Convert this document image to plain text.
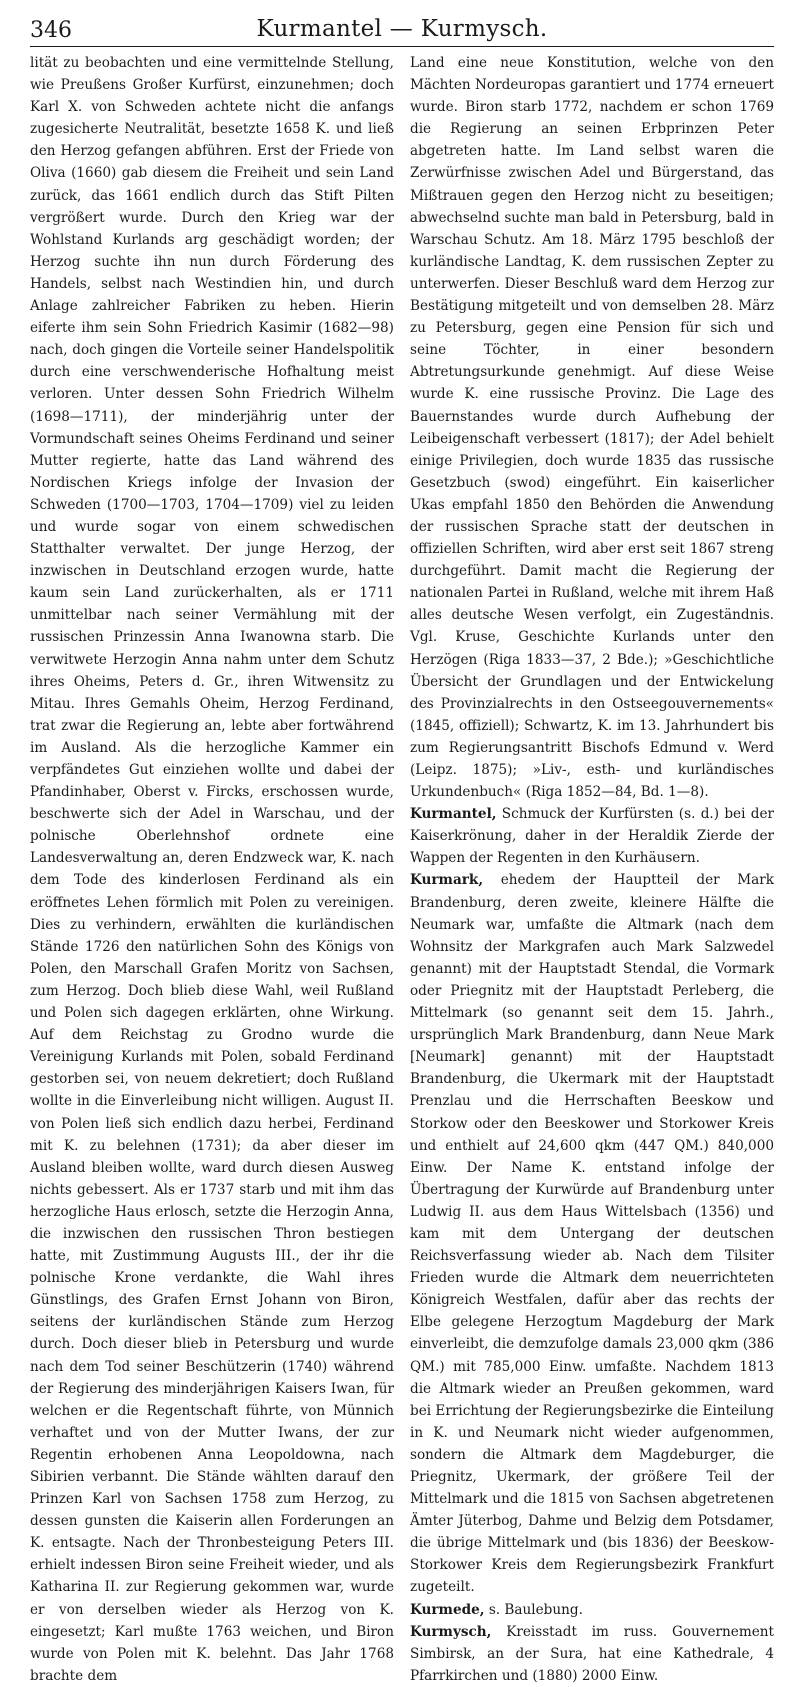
346	Kurmantel — Kurmysch.

lität zu beobachten und eine vermittelnde Stellung, wie Preußens Großer Kurfürst, einzunehmen; doch Karl X. von Schweden achtete nicht die anfangs zugesicherte Neutralität, besetzte 1658 K. und ließ den Herzog gefangen abführen. Erst der Friede von Oliva (1660) gab diesem die Freiheit und sein Land zurück, das 1661 endlich durch das Stift Pilten vergrößert wurde. Durch den Krieg war der Wohlstand Kurlands arg geschädigt worden; der Herzog suchte ihn nun durch Förderung des Handels, selbst nach Westindien hin, und durch Anlage zahlreicher Fabriken zu heben. Hierin eiferte ihm sein Sohn Friedrich Kasimir (1682—98) nach, doch gingen die Vorteile seiner Handelspolitik durch eine verschwenderische Hofhaltung meist verloren. Unter dessen Sohn Friedrich Wilhelm (1698—1711), der minderjährig unter der Vormundschaft seines Oheims Ferdinand und seiner Mutter regierte, hatte das Land während des Nordischen Kriegs infolge der Invasion der Schweden (1700—1703, 1704—1709) viel zu leiden und wurde sogar von einem schwedischen Statthalter verwaltet. Der junge Herzog, der inzwischen in Deutschland erzogen wurde, hatte kaum sein Land zurückerhalten, als er 1711 unmittelbar nach seiner Vermählung mit der russischen Prinzessin Anna Iwanowna starb. Die verwitwete Herzogin Anna nahm unter dem Schutz ihres Oheims, Peters d. Gr., ihren Witwensitz zu Mitau. Ihres Gemahls Oheim, Herzog Ferdinand, trat zwar die Regierung an, lebte aber fortwährend im Ausland. Als die herzogliche Kammer ein verpfändetes Gut einziehen wollte und dabei der Pfandinhaber, Oberst v. Fircks, erschossen wurde, beschwerte sich der Adel in Warschau, und der polnische Oberlehnshof ordnete eine Landesverwaltung an, deren Endzweck war, K. nach dem Tode des kinderlosen Ferdinand als ein eröffnetes Lehen förmlich mit Polen zu vereinigen. Dies zu verhindern, erwählten die kurländischen Stände 1726 den natürlichen Sohn des Königs von Polen, den Marschall Grafen Moritz von Sachsen, zum Herzog. Doch blieb diese Wahl, weil Rußland und Polen sich dagegen erklärten, ohne Wirkung. Auf dem Reichstag zu Grodno wurde die Vereinigung Kurlands mit Polen, sobald Ferdinand gestorben sei, von neuem dekretiert; doch Rußland wollte in die Einverleibung nicht willigen. August II. von Polen ließ sich endlich dazu herbei, Ferdinand mit K. zu belehnen (1731); da aber dieser im Ausland bleiben wollte, ward durch diesen Ausweg nichts gebessert. Als er 1737 starb und mit ihm das herzogliche Haus erlosch, setzte die Herzogin Anna, die inzwischen den russischen Thron bestiegen hatte, mit Zustimmung Augusts III., der ihr die polnische Krone verdankte, die Wahl ihres Günstlings, des Grafen Ernst Johann von Biron, seitens der kurländischen Stände zum Herzog durch. Doch dieser blieb in Petersburg und wurde nach dem Tod seiner Beschützerin (1740) während der Regierung des minderjährigen Kaisers Iwan, für welchen er die Regentschaft führte, von Münnich verhaftet und von der Mutter Iwans, der zur Regentin erhobenen Anna Leopoldowna, nach Sibirien verbannt. Die Stände wählten darauf den Prinzen Karl von Sachsen 1758 zum Herzog, zu dessen gunsten die Kaiserin allen Forderungen an K. entsagte. Nach der Thronbesteigung Peters III. erhielt indessen Biron seine Freiheit wieder, und als Katharina II. zur Regierung gekommen war, wurde er von derselben wieder als Herzog von K. eingesetzt; Karl mußte 1763 weichen, und Biron wurde von Polen mit K. belehnt. Das Jahr 1768 brachte dem

Land eine neue Konstitution, welche von den Mächten Nordeuropas garantiert und 1774 erneuert wurde. Biron starb 1772, nachdem er schon 1769 die Regierung an seinen Erbprinzen Peter abgetreten hatte. Im Land selbst waren die Zerwürfnisse zwischen Adel und Bürgerstand, das Mißtrauen gegen den Herzog nicht zu beseitigen; abwechselnd suchte man bald in Petersburg, bald in Warschau Schutz. Am 18. März 1795 beschloß der kurländische Landtag, K. dem russischen Zepter zu unterwerfen. Dieser Beschluß ward dem Herzog zur Bestätigung mitgeteilt und von demselben 28. März zu Petersburg, gegen eine Pension für sich und seine Töchter, in einer besondern Abtretungsurkunde genehmigt. Auf diese Weise wurde K. eine russische Provinz. Die Lage des Bauernstandes wurde durch Aufhebung der Leibeigenschaft verbessert (1817); der Adel behielt einige Privilegien, doch wurde 1835 das russische Gesetzbuch (swod) eingeführt. Ein kaiserlicher Ukas empfahl 1850 den Behörden die Anwendung der russischen Sprache statt der deutschen in offiziellen Schriften, wird aber erst seit 1867 streng durchgeführt. Damit macht die Regierung der nationalen Partei in Rußland, welche mit ihrem Haß alles deutsche Wesen verfolgt, ein Zugeständnis. Vgl. Kruse, Geschichte Kurlands unter den Herzögen (Riga 1833—37, 2 Bde.); »Geschichtliche Übersicht der Grundlagen und der Entwickelung des Provinzialrechts in den Ostseegouvernements« (1845, offiziell); Schwartz, K. im 13. Jahrhundert bis zum Regierungsantritt Bischofs Edmund v. Werd (Leipz. 1875); »Liv-, esth- und kurländisches Urkundenbuch« (Riga 1852—84, Bd. 1—8).

Kurmantel, Schmuck der Kurfürsten (s. d.) bei der Kaiserkrönung, daher in der Heraldik Zierde der Wappen der Regenten in den Kurhäusern.

Kurmark, ehedem der Hauptteil der Mark Brandenburg, deren zweite, kleinere Hälfte die Neumark war, umfaßte die Altmark (nach dem Wohnsitz der Markgrafen auch Mark Salzwedel genannt) mit der Hauptstadt Stendal, die Vormark oder Priegnitz mit der Hauptstadt Perleberg, die Mittelmark (so genannt seit dem 15. Jahrh., ursprünglich Mark Brandenburg, dann Neue Mark [Neumark] genannt) mit der Hauptstadt Brandenburg, die Ukermark mit der Hauptstadt Prenzlau und die Herrschaften Beeskow und Storkow oder den Beeskower und Storkower Kreis und enthielt auf 24,600 qkm (447 QM.) 840,000 Einw. Der Name K. entstand infolge der Übertragung der Kurwürde auf Brandenburg unter Ludwig II. aus dem Haus Wittelsbach (1356) und kam mit dem Untergang der deutschen Reichsverfassung wieder ab. Nach dem Tilsiter Frieden wurde die Altmark dem neuerrichteten Königreich Westfalen, dafür aber das rechts der Elbe gelegene Herzogtum Magdeburg der Mark einverleibt, die demzufolge damals 23,000 qkm (386 QM.) mit 785,000 Einw. umfaßte. Nachdem 1813 die Altmark wieder an Preußen gekommen, ward bei Errichtung der Regierungsbezirke die Einteilung in K. und Neumark nicht wieder aufgenommen, sondern die Altmark dem Magdeburger, die Priegnitz, Ukermark, der größere Teil der Mittelmark und die 1815 von Sachsen abgetretenen Ämter Jüterbog, Dahme und Belzig dem Potsdamer, die übrige Mittelmark und (bis 1836) der Beeskow-Storkower Kreis dem Regierungsbezirk Frankfurt zugeteilt.

Kurmede, s. Baulebung.

Kurmysch, Kreisstadt im russ. Gouvernement Simbirsk, an der Sura, hat eine Kathedrale, 4 Pfarrkirchen und (1880) 2000 Einw.
